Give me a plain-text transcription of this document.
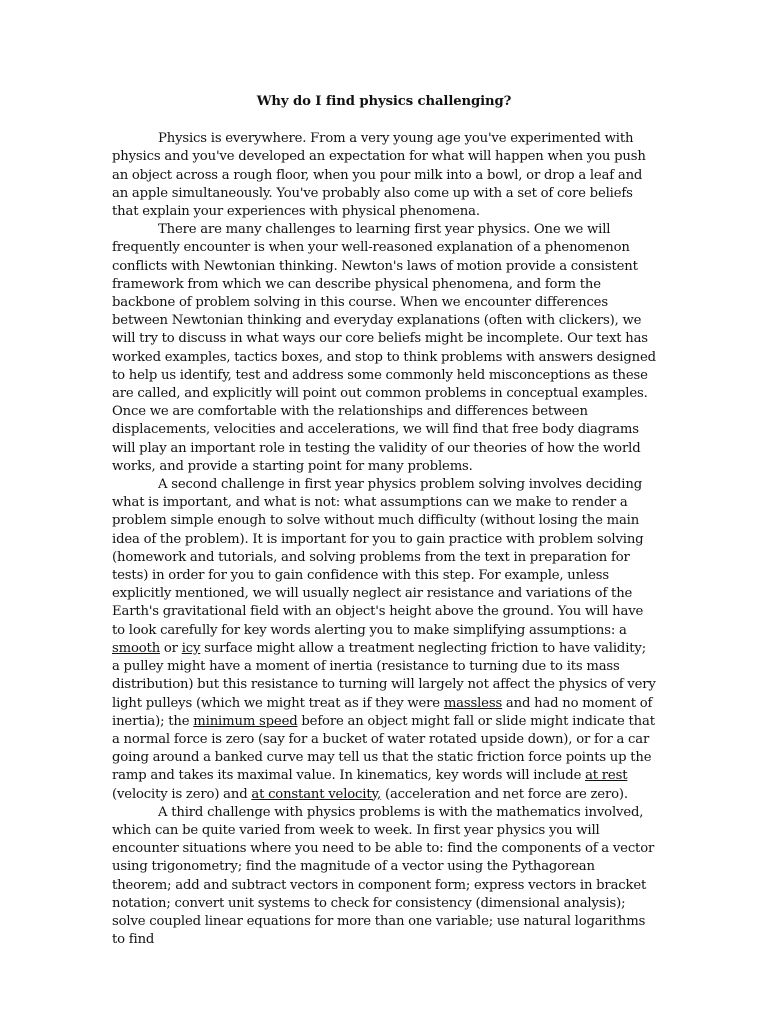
Why do I find physics challenging?

Physics is everywhere. From a very young age you've experimented with physics and you've developed an expectation for what will happen when you push an object across a rough floor, when you pour milk into a bowl, or drop a leaf and an apple simultaneously. You've probably also come up with a set of core beliefs that explain your experiences with physical phenomena.

There are many challenges to learning first year physics. One we will frequently encounter is when your well-reasoned explanation of a phenomenon conflicts with Newtonian thinking. Newton's laws of motion provide a consistent framework from which we can describe physical phenomena, and form the backbone of problem solving in this course. When we encounter differences between Newtonian thinking and everyday explanations (often with clickers), we will try to discuss in what ways our core beliefs might be incomplete. Our text has worked examples, tactics boxes, and stop to think problems with answers designed to help us identify, test and address some commonly held misconceptions as these are called, and explicitly will point out common problems in conceptual examples. Once we are comfortable with the relationships and differences between displacements, velocities and accelerations, we will find that free body diagrams will play an important role in testing the validity of our theories of how the world works, and provide a starting point for many problems.

A second challenge in first year physics problem solving involves deciding what is important, and what is not: what assumptions can we make to render a problem simple enough to solve without much difficulty (without losing the main idea of the problem). It is important for you to gain practice with problem solving (homework and tutorials, and solving problems from the text in preparation for tests) in order for you to gain confidence with this step. For example, unless explicitly mentioned, we will usually neglect air resistance and variations of the Earth's gravitational field with an object's height above the ground. You will have to look carefully for key words alerting you to make simplifying assumptions: a smooth or icy surface might allow a treatment neglecting friction to have validity; a pulley might have a moment of inertia (resistance to turning due to its mass distribution) but this resistance to turning will largely not affect the physics of very light pulleys (which we might treat as if they were massless and had no moment of inertia); the minimum speed before an object might fall or slide might indicate that a normal force is zero (say for a bucket of water rotated upside down), or for a car going around a banked curve may tell us that the static friction force points up the ramp and takes its maximal value. In kinematics, key words will include at rest (velocity is zero) and at constant velocity, (acceleration and net force are zero).

A third challenge with physics problems is with the mathematics involved, which can be quite varied from week to week. In first year physics you will encounter situations where you need to be able to: find the components of a vector using trigonometry; find the magnitude of a vector using the Pythagorean theorem; add and subtract vectors in component form; express vectors in bracket notation; convert unit systems to check for consistency (dimensional analysis); solve coupled linear equations for more than one variable; use natural logarithms to find
